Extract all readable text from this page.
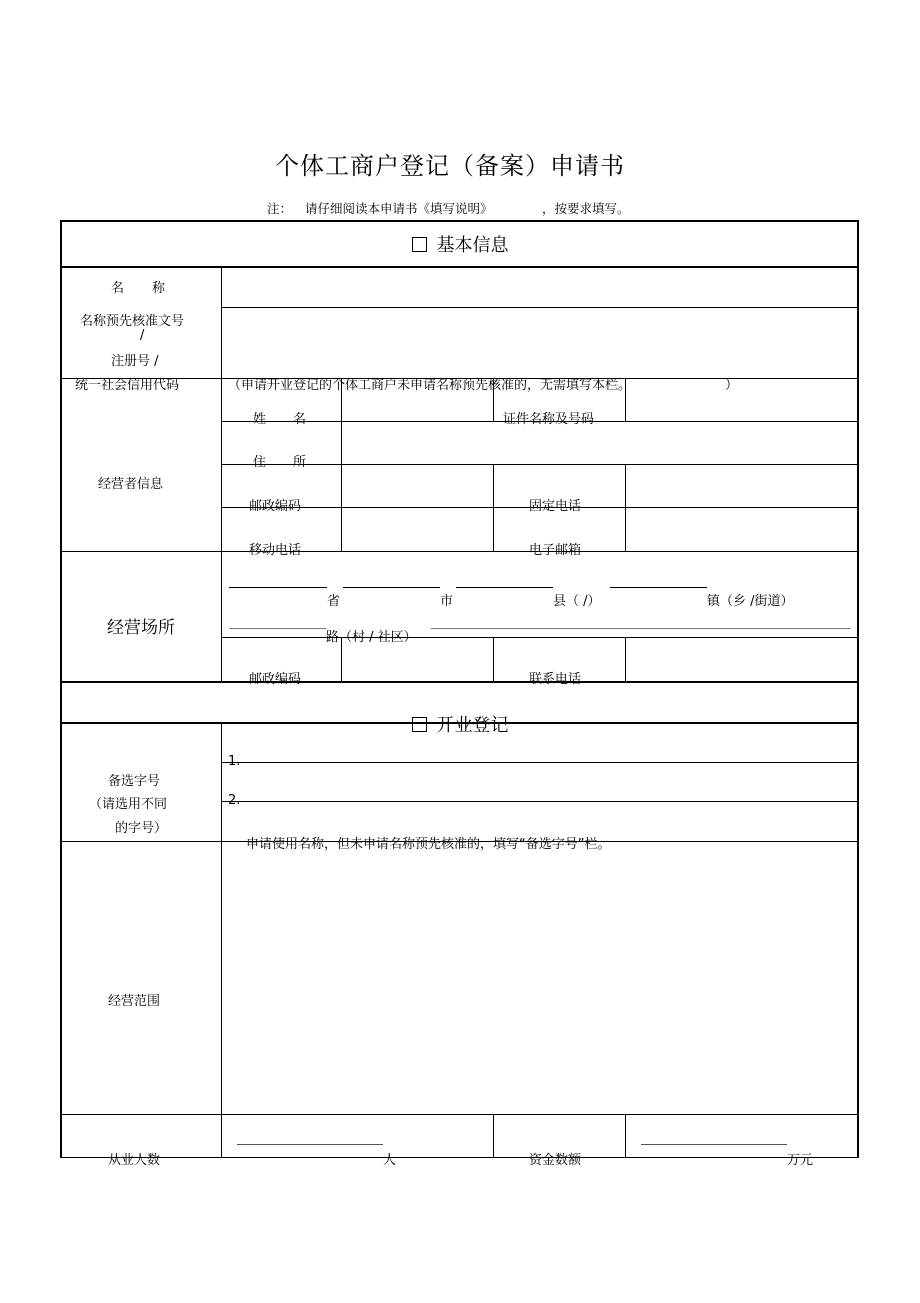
个体工商户登记（备案）申请书
注： 请仔细阅读本申请书《填写说明》	，按要求填写。
基本信息
名 称
名称预先核准文号
/
注册号 /
统一社会信用代码	（申请开业登记的个体工商户未申请名称预先核准的，无需填写本栏。	）
经营者信息
姓 名	证件名称及号码
住 所
邮政编码	固定电话
移动电话	电子邮箱
经营场所
省	市	县（ /）	镇（乡 /街道）
路（村 / 社区）
邮政编码	联系电话
开业登记
备选字号
（请选用不同
的字号）
1.
2.
申请使用名称，但未申请名称预先核准的，填写“备选字号”栏。
经营范围
从业人数	人	资金数额	万元
